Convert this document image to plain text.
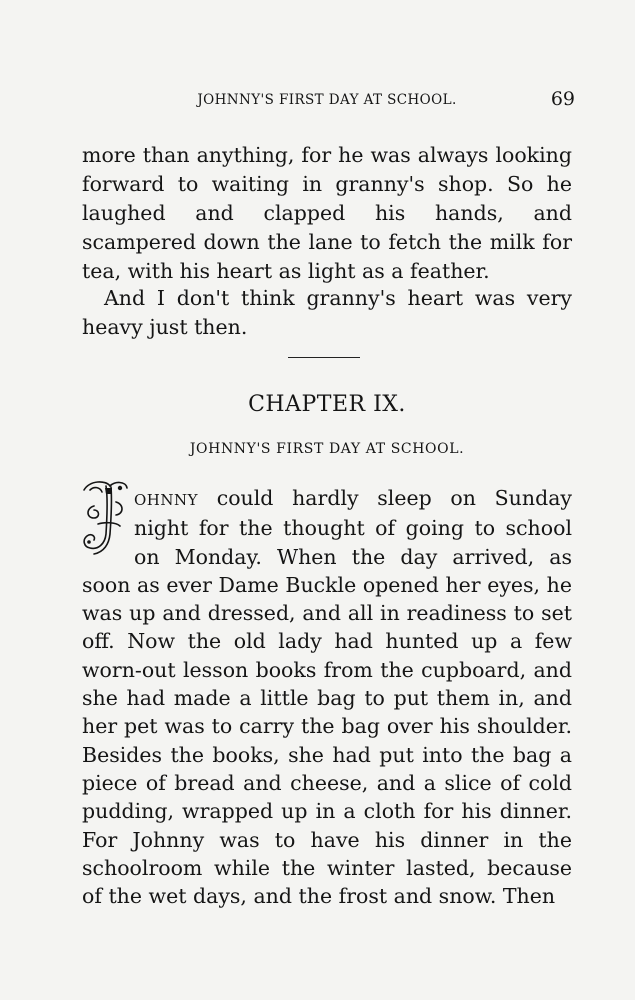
JOHNNY'S FIRST DAY AT SCHOOL.	69

more than anything, for he was always looking forward to waiting in granny's shop. So he laughed and clapped his hands, and scampered down the lane to fetch the milk for tea, with his heart as light as a feather.

And I don't think granny's heart was very heavy just then.

CHAPTER IX.
JOHNNY'S FIRST DAY AT SCHOOL.

OHNNY could hardly sleep on Sunday night for the thought of going to school on Monday. When the day arrived, as soon as ever Dame Buckle opened her eyes, he was up and dressed, and all in readiness to set off. Now the old lady had hunted up a few worn-out lesson books from the cupboard, and she had made a little bag to put them in, and her pet was to carry the bag over his shoulder. Besides the books, she had put into the bag a piece of bread and cheese, and a slice of cold pudding, wrapped up in a cloth for his dinner. For Johnny was to have his dinner in the schoolroom while the winter lasted, because of the wet days, and the frost and snow. Then
